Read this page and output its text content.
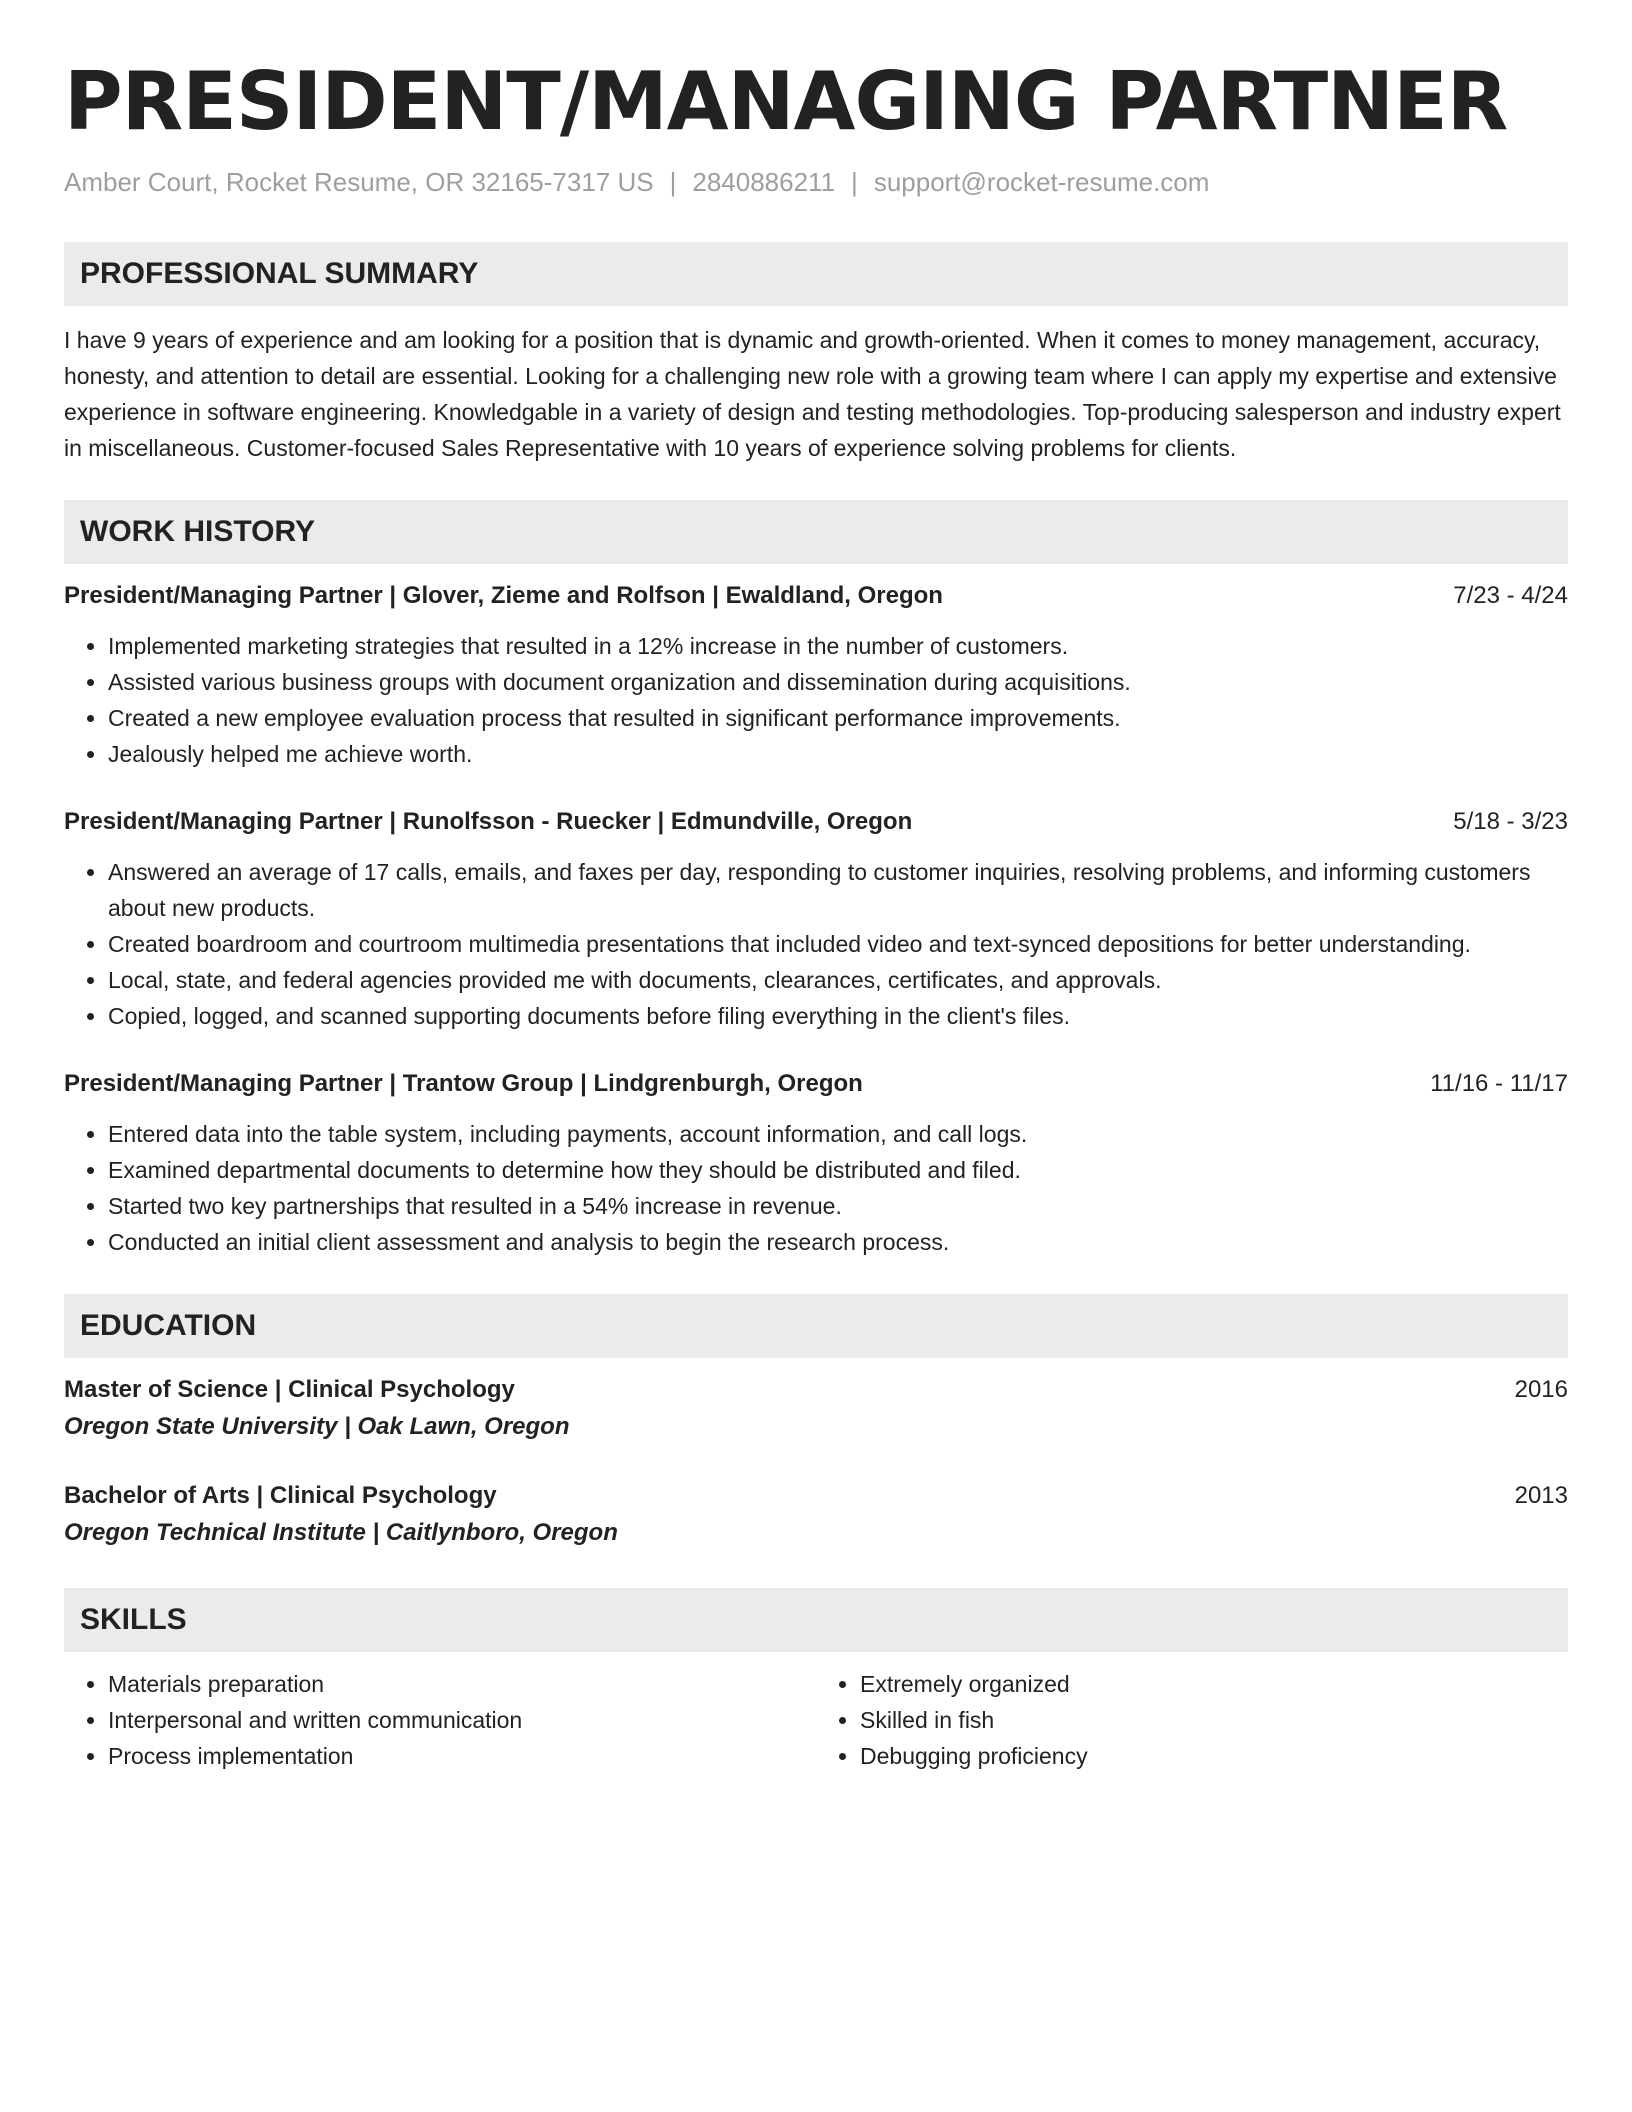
PRESIDENT/MANAGING PARTNER
Amber Court, Rocket Resume, OR 32165-7317 US | 2840886211 | support@rocket-resume.com
PROFESSIONAL SUMMARY
I have 9 years of experience and am looking for a position that is dynamic and growth-oriented. When it comes to money management, accuracy, honesty, and attention to detail are essential. Looking for a challenging new role with a growing team where I can apply my expertise and extensive experience in software engineering. Knowledgable in a variety of design and testing methodologies. Top-producing salesperson and industry expert in miscellaneous. Customer-focused Sales Representative with 10 years of experience solving problems for clients.
WORK HISTORY
President/Managing Partner | Glover, Zieme and Rolfson | Ewaldland, Oregon	7/23 - 4/24
• Implemented marketing strategies that resulted in a 12% increase in the number of customers.
• Assisted various business groups with document organization and dissemination during acquisitions.
• Created a new employee evaluation process that resulted in significant performance improvements.
• Jealously helped me achieve worth.
President/Managing Partner | Runolfsson - Ruecker | Edmundville, Oregon	5/18 - 3/23
• Answered an average of 17 calls, emails, and faxes per day, responding to customer inquiries, resolving problems, and informing customers about new products.
• Created boardroom and courtroom multimedia presentations that included video and text-synced depositions for better understanding.
• Local, state, and federal agencies provided me with documents, clearances, certificates, and approvals.
• Copied, logged, and scanned supporting documents before filing everything in the client's files.
President/Managing Partner | Trantow Group | Lindgrenburgh, Oregon	11/16 - 11/17
• Entered data into the table system, including payments, account information, and call logs.
• Examined departmental documents to determine how they should be distributed and filed.
• Started two key partnerships that resulted in a 54% increase in revenue.
• Conducted an initial client assessment and analysis to begin the research process.
EDUCATION
Master of Science | Clinical Psychology	2016
Oregon State University | Oak Lawn, Oregon
Bachelor of Arts | Clinical Psychology	2013
Oregon Technical Institute | Caitlynboro, Oregon
SKILLS
• Materials preparation
• Interpersonal and written communication
• Process implementation
• Extremely organized
• Skilled in fish
• Debugging proficiency
